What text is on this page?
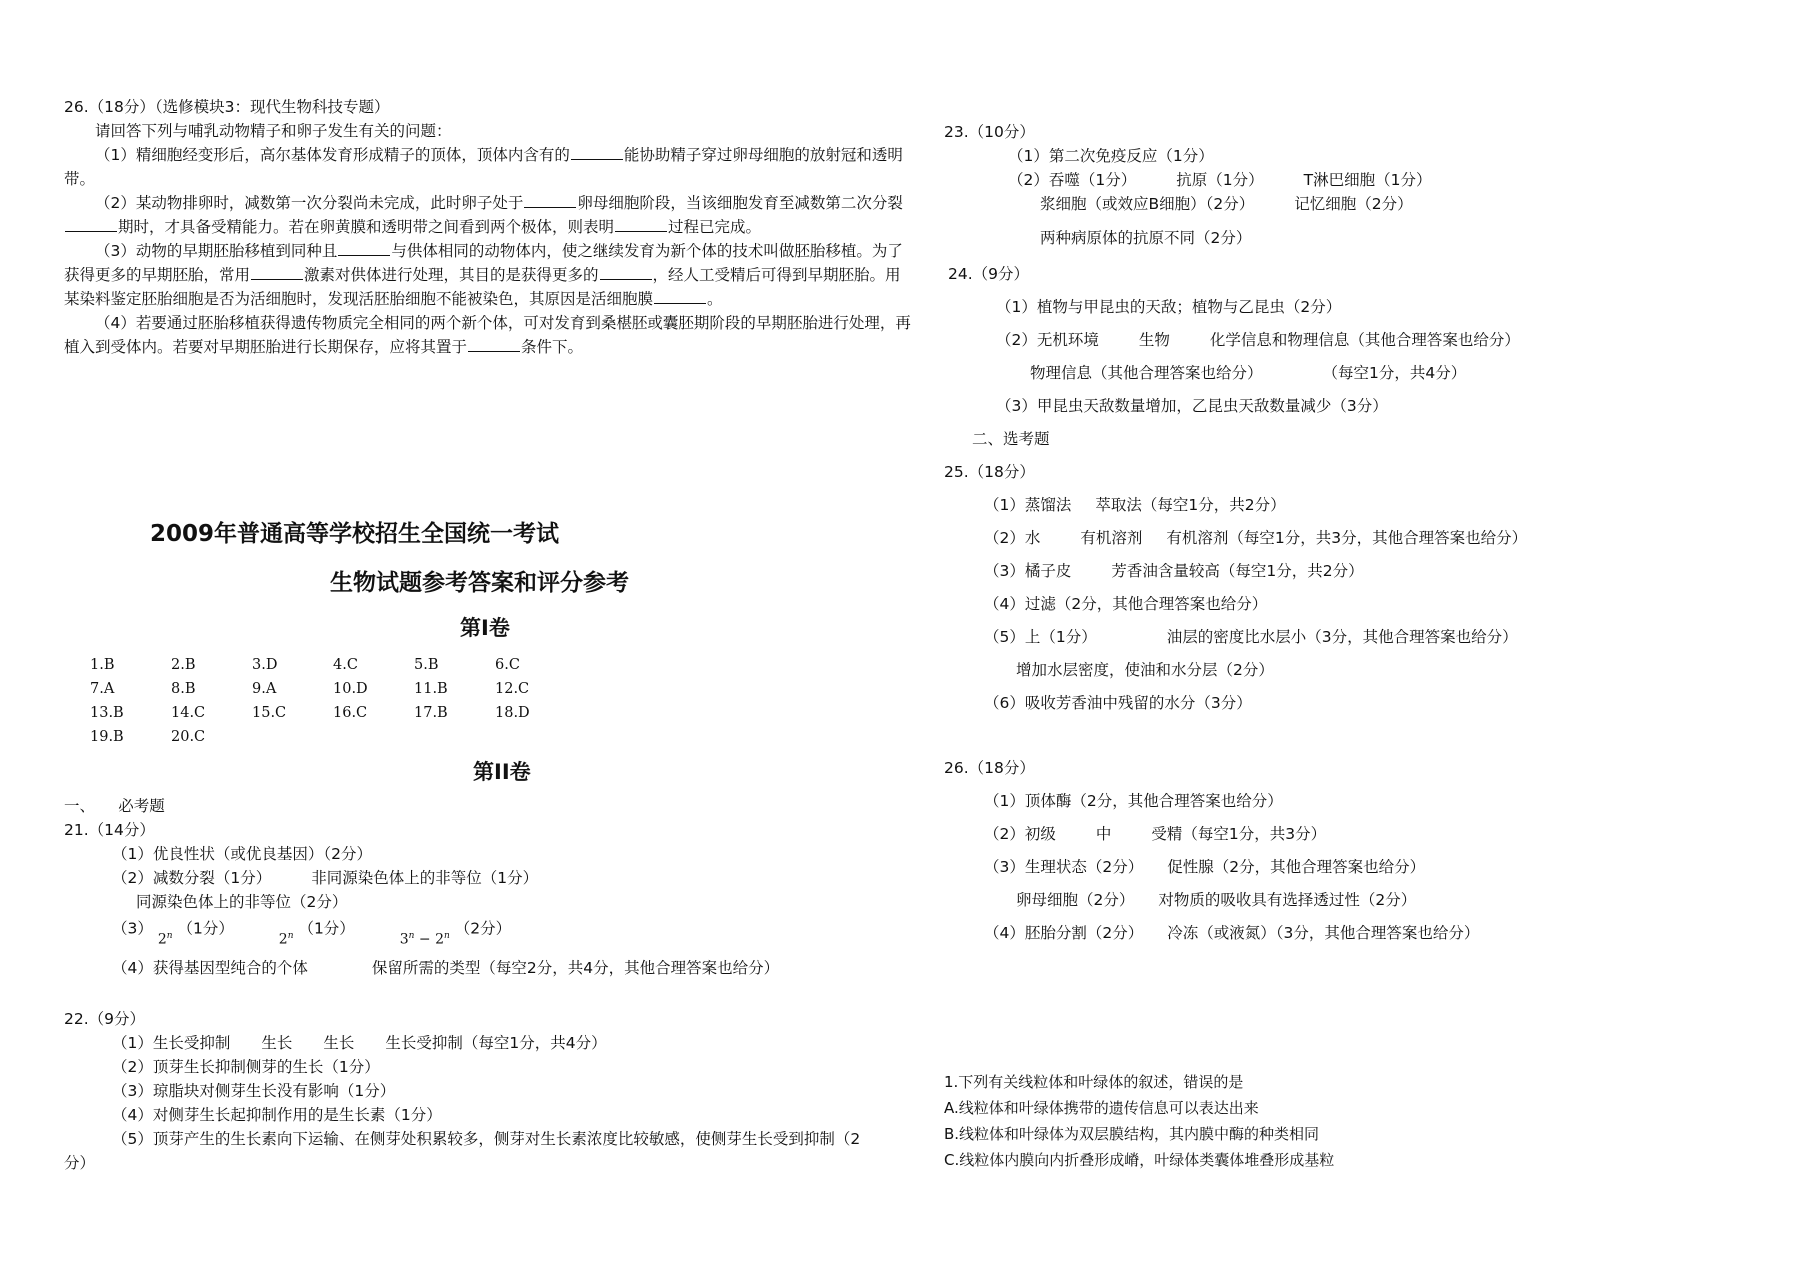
26.（18分）（选修模块3：现代生物科技专题）

请回答下列与哺乳动物精子和卵子发生有关的问题：

（1）精细胞经变形后，高尔基体发育形成精子的顶体，顶体内含有的	能协助精子穿过卵母细胞的放射冠和透明带。

（2）某动物排卵时，减数第一次分裂尚未完成，此时卵子处于	卵母细胞阶段，当该细胞发育至减数第二次分裂期时，才具备受精能力。若在卵黄膜和透明带之间看到两个极体，则表明	过程已完成。

（3）动物的早期胚胎移植到同种且	与供体相同的动物体内，使之继续发育为新个体的技术叫做胚胎移植。为了获得更多的早期胚胎，常用	激素对供体进行处理，其目的是获得更多的	，经人工受精后可得到早期胚胎。用某染料鉴定胚胎细胞是否为活细胞时，发现活胚胎细胞不能被染色，其原因是活细胞膜	。

（4）若要通过胚胎移植获得遗传物质完全相同的两个新个体，可对发育到桑椹胚或囊胚期阶段的早期胚胎进行处理，再植入到受体内。若要对早期胚胎进行长期保存，应将其置于	条件下。

2009年普通高等学校招生全国统一考试
生物试题参考答案和评分参考
第I卷
1.B	2.B	3.D	4.C	5.B	6.C
7.A	8.B	9.A	10.D	11.B	12.C
13.B	14.C	15.C	16.C	17.B	18.D
19.B	20.C
第II卷
一、　　必考题
21.（14分）
（1）优良性状（或优良基因）（2分）
（2）减数分裂（1分）	非同源染色体上的非等位（1分）
同源染色体上的非等位（2分）
（3） 2$^n$ （1分） 2$^n$ （1分） $3^n - 2^n$ （2分）
（4）获得基因型纯合的个体	保留所需的类型（每空2分，共4分，其他合理答案也给分）
22.（9分）
（1）生长受抑制　　生长　　生长　　生长受抑制（每空1分，共4分）
（2）顶芽生长抑制侧芽的生长（1分）
（3）琼脂块对侧芽生长没有影响（1分）
（4）对侧芽生长起抑制作用的是生长素（1分）
（5）顶芽产生的生长素向下运输、在侧芽处积累较多，侧芽对生长素浓度比较敏感，使侧芽生长受到抑制（2
分）
23.（10分）
（1）第二次免疫反应（1分）
（2）吞噬（1分）	抗原（1分）	T淋巴细胞（1分）
浆细胞（或效应B细胞）（2分）	记忆细胞（2分）
两种病原体的抗原不同（2分）
24.（9分）
（1）植物与甲昆虫的天敌；植物与乙昆虫（2分）
（2）无机环境	生物	化学信息和物理信息（其他合理答案也给分）
物理信息（其他合理答案也给分）	（每空1分，共4分）
（3）甲昆虫天敌数量增加，乙昆虫天敌数量减少（3分）
二、选考题
25.（18分）
（1）蒸馏法 萃取法（每空1分，共2分）
（2）水	有机溶剂 有机溶剂（每空1分，共3分，其他合理答案也给分）
（3）橘子皮	芳香油含量较高（每空1分，共2分）
（4）过滤（2分，其他合理答案也给分）
（5）上（1分）	油层的密度比水层小（3分，其他合理答案也给分）
增加水层密度，使油和水分层（2分）
（6）吸收芳香油中残留的水分（3分）
26.（18分）
（1）顶体酶（2分，其他合理答案也给分）
（2）初级	中	受精（每空1分，共3分）
（3）生理状态（2分） 促性腺（2分，其他合理答案也给分）
卵母细胞（2分） 对物质的吸收具有选择透过性（2分）
（4）胚胎分割（2分） 冷冻（或液氮）（3分，其他合理答案也给分）
1.下列有关线粒体和叶绿体的叙述，错误的是
A.线粒体和叶绿体携带的遗传信息可以表达出来
B.线粒体和叶绿体为双层膜结构，其内膜中酶的种类相同
C.线粒体内膜向内折叠形成嵴，叶绿体类囊体堆叠形成基粒
